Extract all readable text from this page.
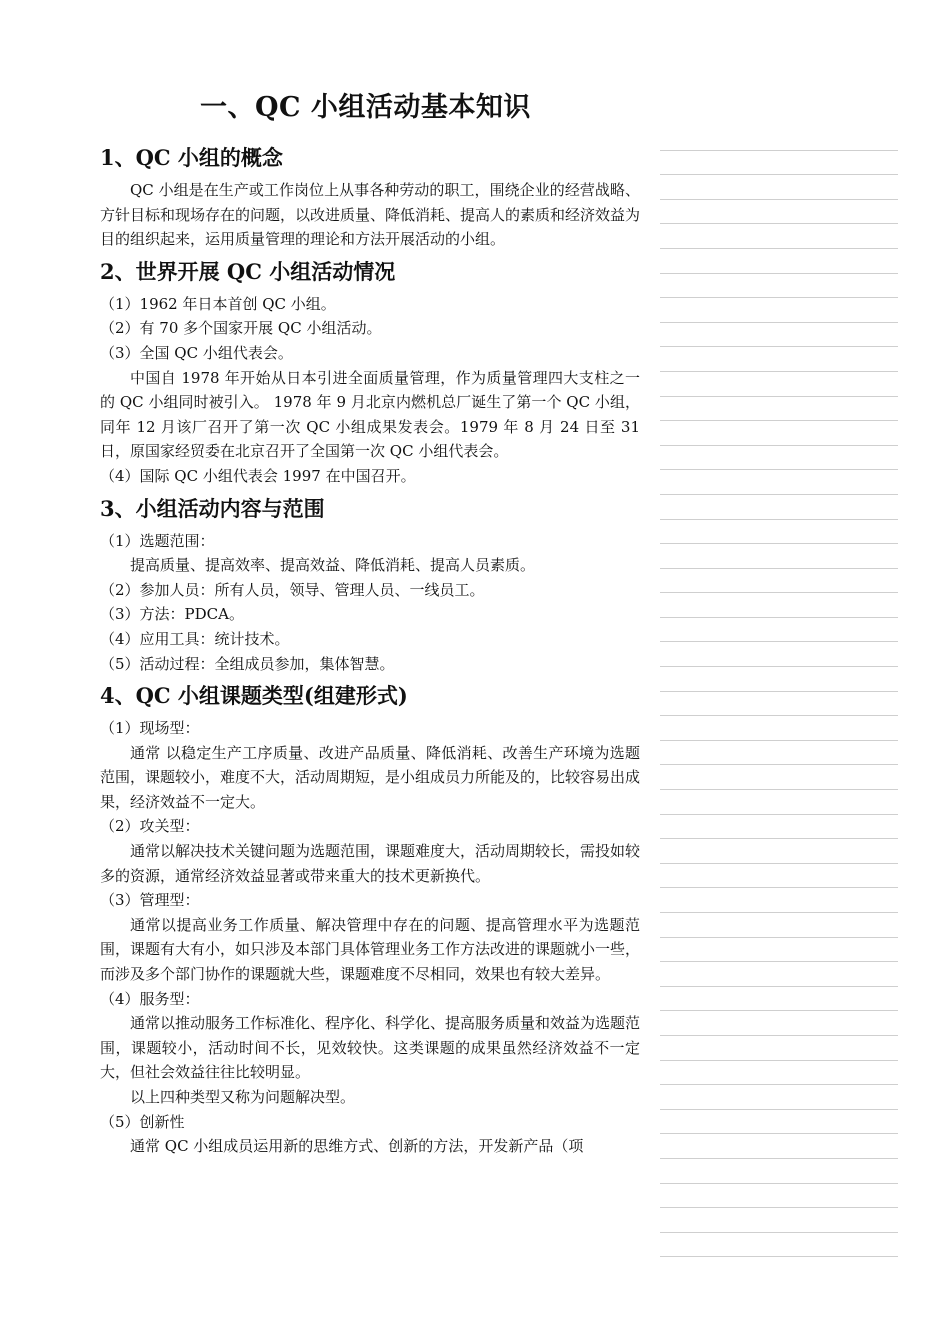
一、QC 小组活动基本知识
1、QC 小组的概念

QC 小组是在生产或工作岗位上从事各种劳动的职工，围绕企业的经营战略、方针目标和现场存在的问题，以改进质量、降低消耗、提高人的素质和经济效益为目的组织起来，运用质量管理的理论和方法开展活动的小组。

2、世界开展 QC 小组活动情况

（1）1962 年日本首创 QC 小组。

（2）有 70 多个国家开展 QC 小组活动。

（3）全国 QC 小组代表会。

中国自 1978 年开始从日本引进全面质量管理，作为质量管理四大支柱之一的 QC 小组同时被引入。 1978 年 9 月北京内燃机总厂诞生了第一个 QC 小组，同年 12 月该厂召开了第一次 QC 小组成果发表会。1979 年 8 月 24 日至 31 日，原国家经贸委在北京召开了全国第一次 QC 小组代表会。

（4）国际 QC 小组代表会 1997 在中国召开。

3、小组活动内容与范围

（1）选题范围：

提高质量、提高效率、提高效益、降低消耗、提高人员素质。

（2）参加人员：所有人员，领导、管理人员、一线员工。

（3）方法：PDCA。

（4）应用工具：统计技术。

（5）活动过程：全组成员参加，集体智慧。

4、QC 小组课题类型(组建形式)

（1）现场型：

通常 以稳定生产工序质量、改进产品质量、降低消耗、改善生产环境为选题范围，课题较小，难度不大，活动周期短，是小组成员力所能及的，比较容易出成果，经济效益不一定大。

（2）攻关型：

通常以解决技术关键问题为选题范围，课题难度大，活动周期较长，需投如较多的资源，通常经济效益显著或带来重大的技术更新换代。

（3）管理型：

通常以提高业务工作质量、解决管理中存在的问题、提高管理水平为选题范围，课题有大有小，如只涉及本部门具体管理业务工作方法改进的课题就小一些，而涉及多个部门协作的课题就大些，课题难度不尽相同，效果也有较大差异。

（4）服务型：

通常以推动服务工作标准化、程序化、科学化、提高服务质量和效益为选题范围，课题较小，活动时间不长，见效较快。这类课题的成果虽然经济效益不一定大，但社会效益往往比较明显。

以上四种类型又称为问题解决型。

（5）创新性

通常 QC 小组成员运用新的思维方式、创新的方法，开发新产品（项
